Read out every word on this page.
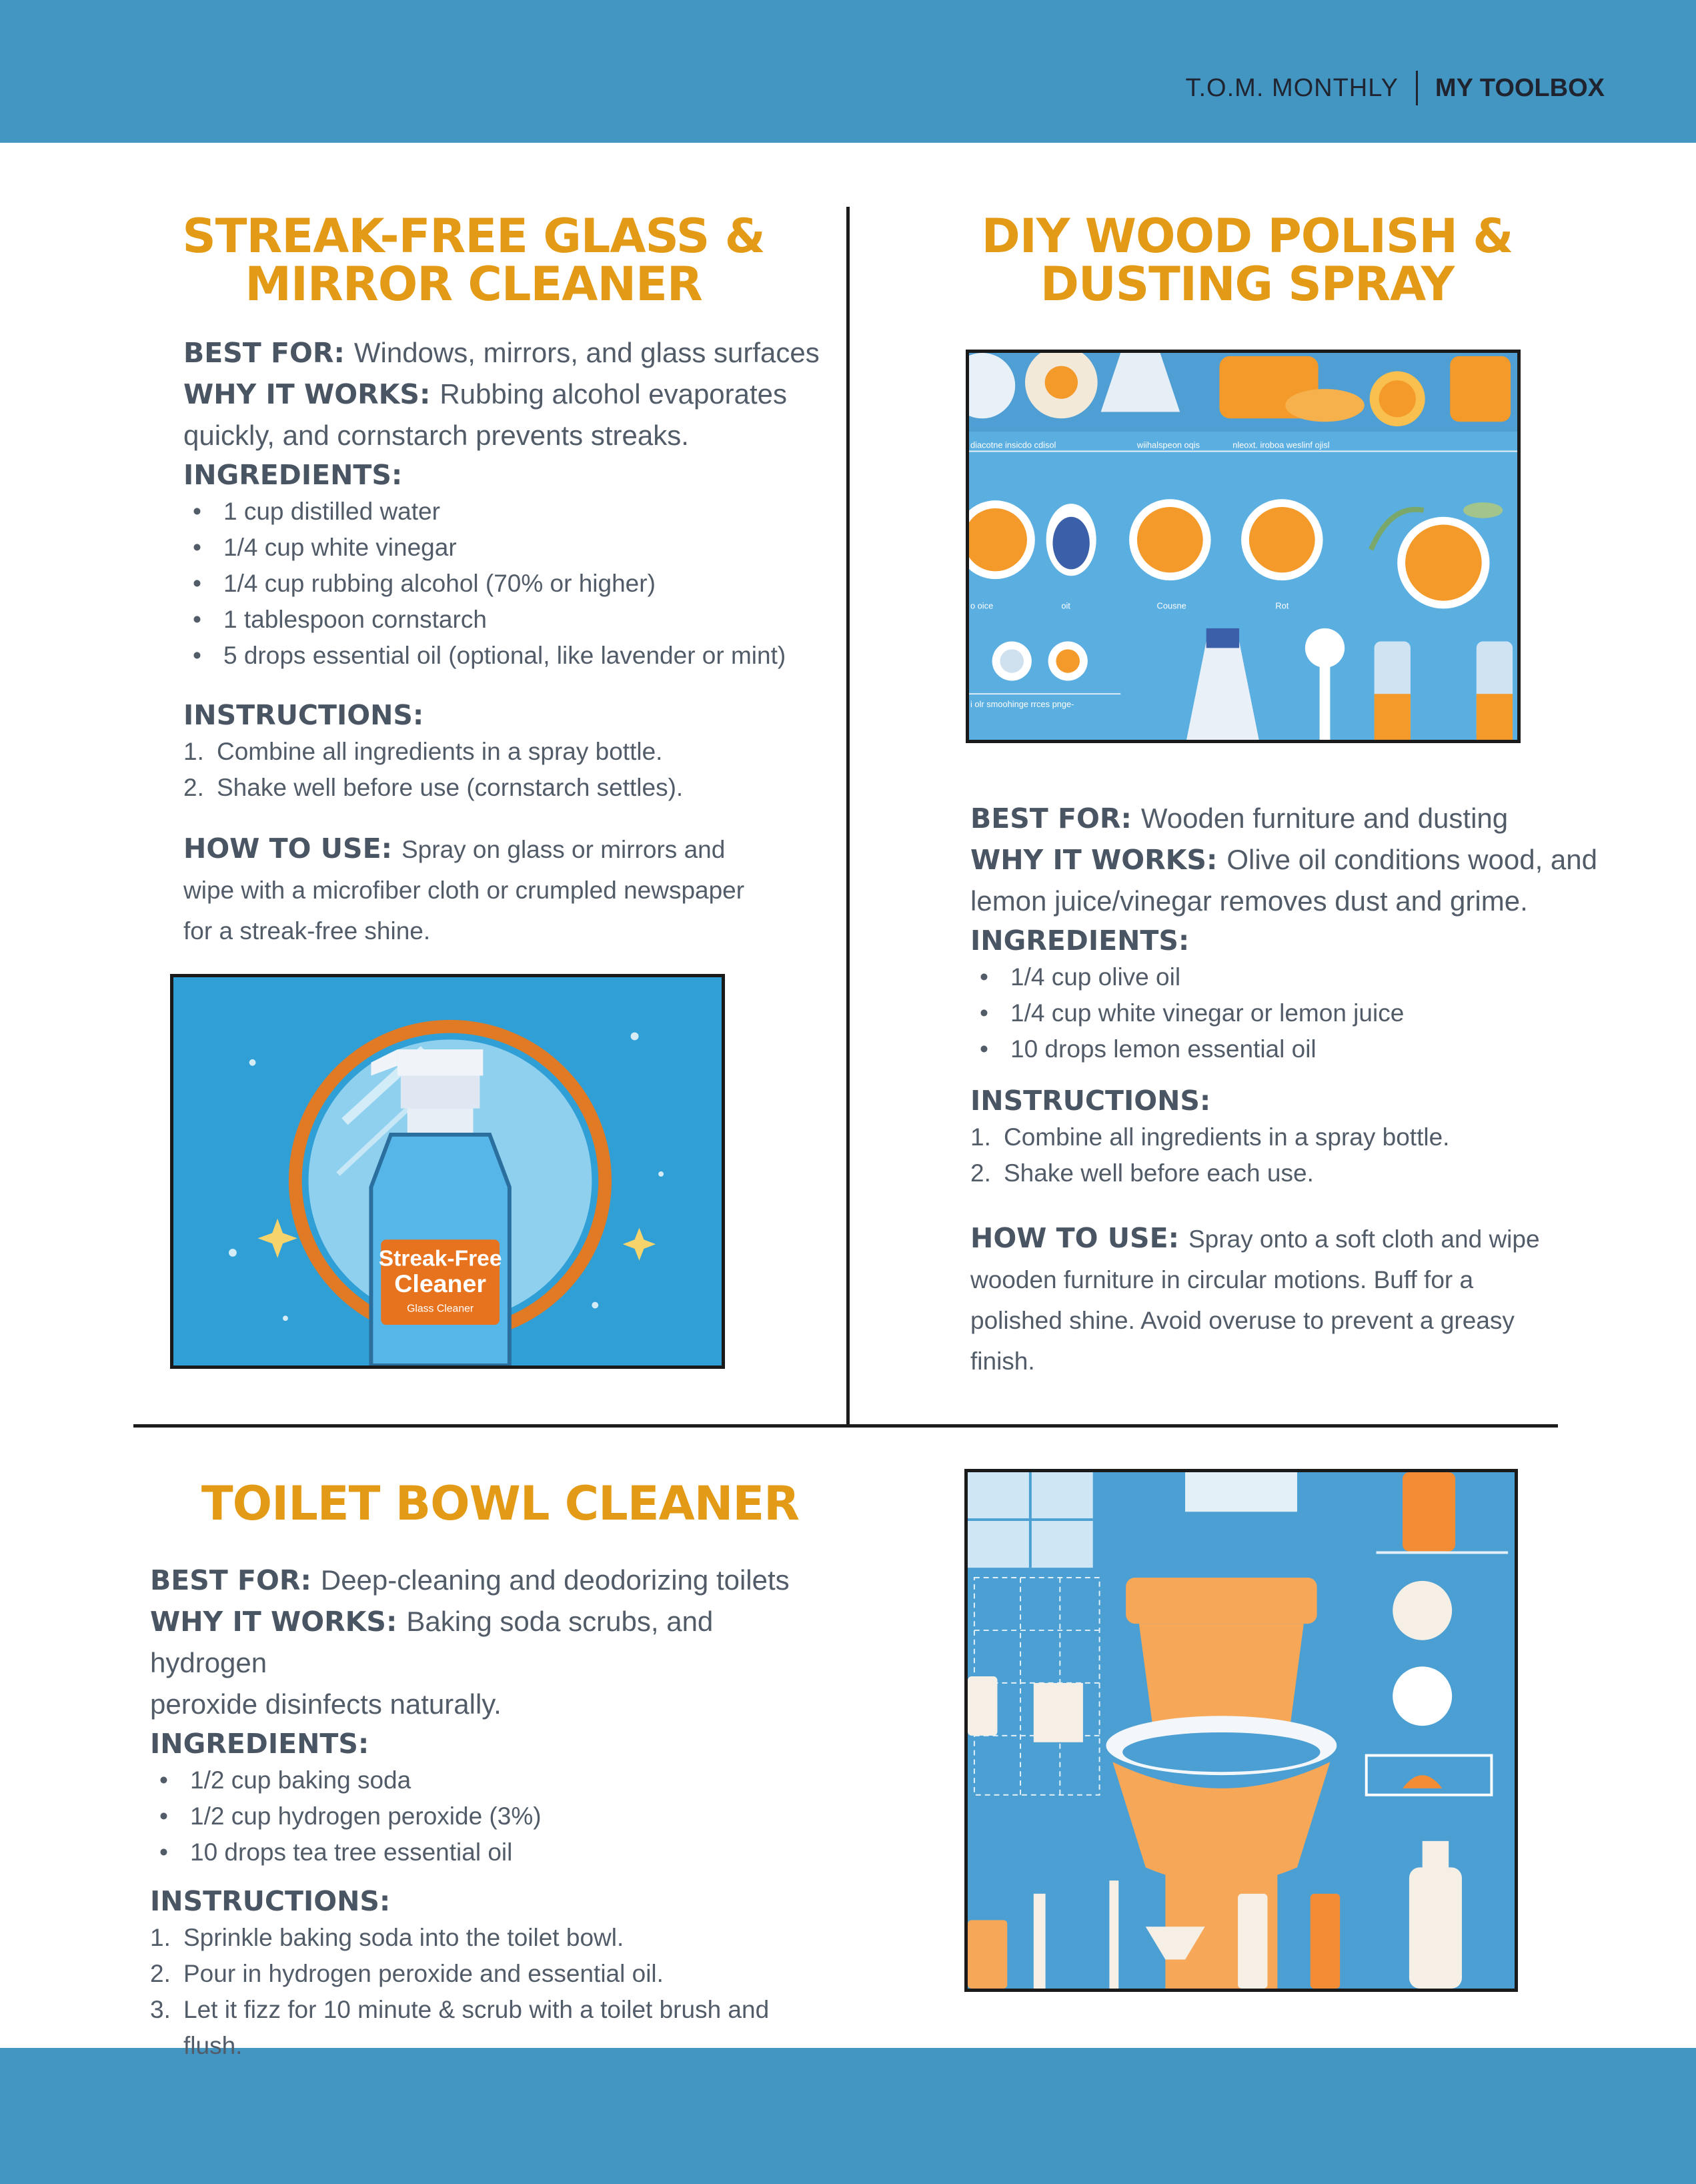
T.O.M. MONTHLY MY TOOLBOX
STREAK-FREE GLASS &
MIRROR CLEANER
BEST FOR: Windows, mirrors, and glass surfaces
WHY IT WORKS: Rubbing alcohol evaporates
quickly, and cornstarch prevents streaks.
INGREDIENTS:
• 1 cup distilled water
• 1/4 cup white vinegar
• 1/4 cup rubbing alcohol (70% or higher)
• 1 tablespoon cornstarch
• 5 drops essential oil (optional, like lavender or mint)
INSTRUCTIONS:
1. Combine all ingredients in a spray bottle.
2. Shake well before use (cornstarch settles).
HOW TO USE: Spray on glass or mirrors and
wipe with a microfiber cloth or crumpled newspaper
for a streak-free shine.
Streak-Free
Cleaner
Glass Cleaner
DIY WOOD POLISH &
DUSTING SPRAY
diacotne insicdo cdisol	wiihalspeon oqis	nleoxt. iroboa weslinf ojisl
o oice	oit	Cousne	Rot
i olr smoohinge rrces pnge-
BEST FOR: Wooden furniture and dusting
WHY IT WORKS: Olive oil conditions wood, and
lemon juice/vinegar removes dust and grime.
INGREDIENTS:
• 1/4 cup olive oil
• 1/4 cup white vinegar or lemon juice
• 10 drops lemon essential oil
INSTRUCTIONS:
1. Combine all ingredients in a spray bottle.
2. Shake well before each use.
HOW TO USE: Spray onto a soft cloth and wipe
wooden furniture in circular motions. Buff for a
polished shine. Avoid overuse to prevent a greasy
finish.
TOILET BOWL CLEANER
BEST FOR: Deep-cleaning and deodorizing toilets
WHY IT WORKS: Baking soda scrubs, and hydrogen
peroxide disinfects naturally.
INGREDIENTS:
• 1/2 cup baking soda
• 1/2 cup hydrogen peroxide (3%)
• 10 drops tea tree essential oil
INSTRUCTIONS:
1. Sprinkle baking soda into the toilet bowl.
2. Pour in hydrogen peroxide and essential oil.
3. Let it fizz for 10 minute & scrub with a toilet brush and flush.
